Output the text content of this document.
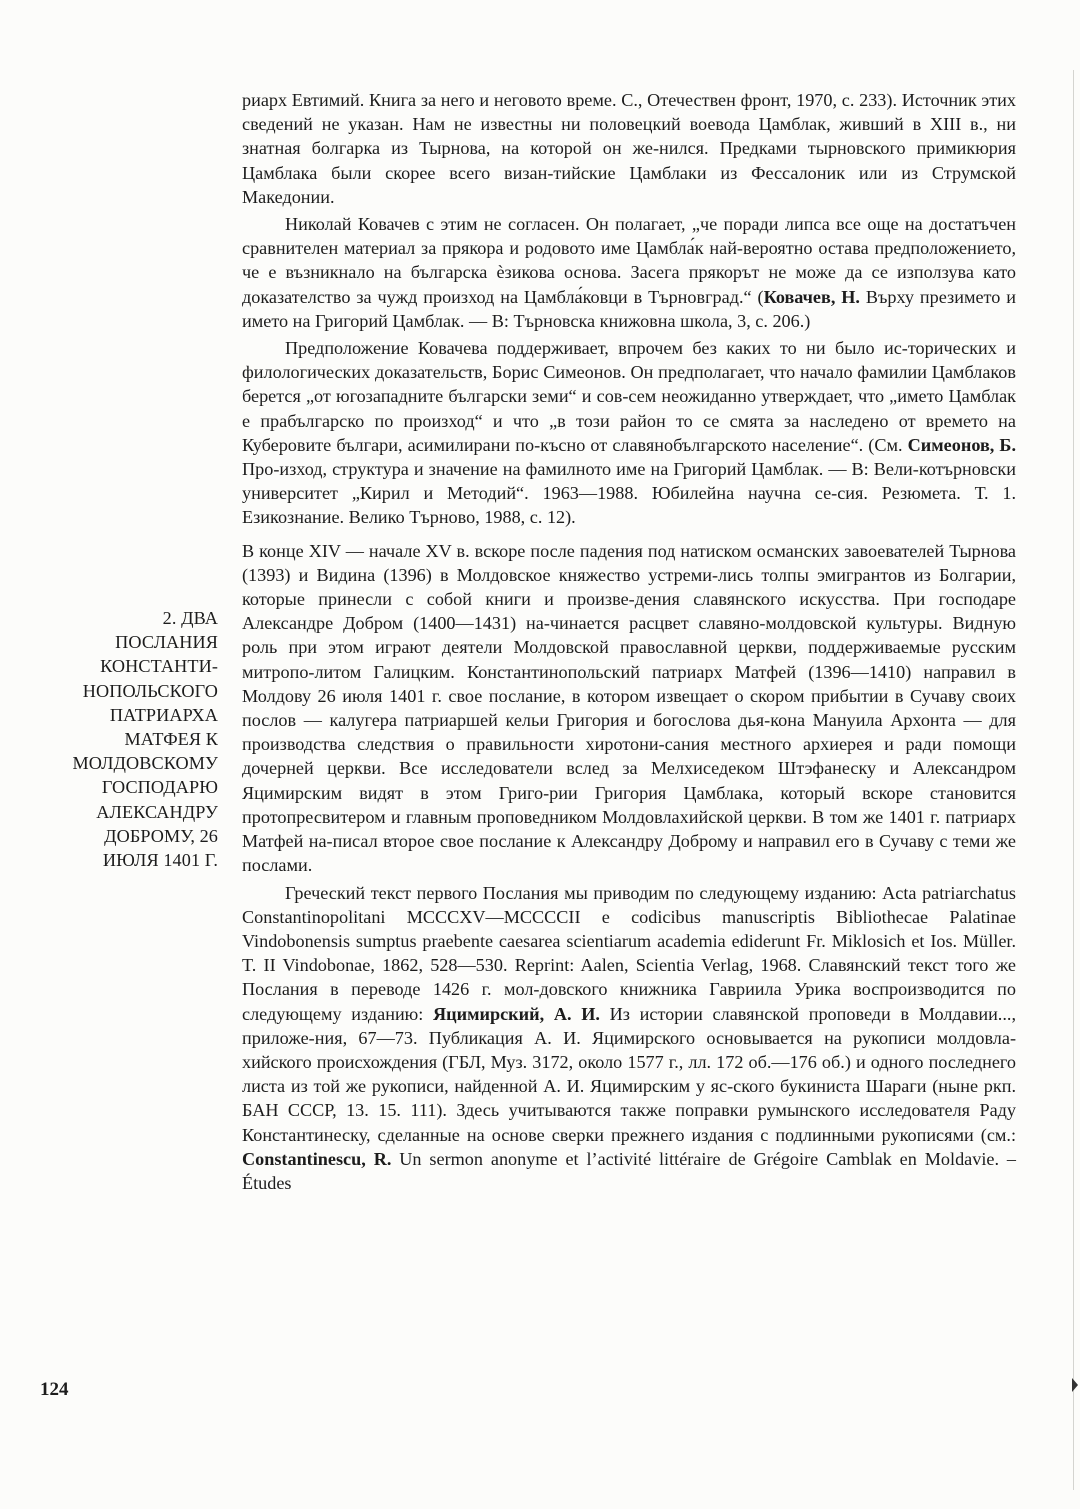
риарх Евтимий. Книга за него и неговото време. С., Отечествен фронт, 1970, с. 233). Источник этих сведений не указан. Нам не известны ни половецкий воевода Цамблак, живший в XIII в., ни знатная болгарка из Тырнова, на которой он же-нился. Предками тырновского примикюрия Цамблака были скорее всего визан-тийские Цамблаки из Фессалоник или из Струмской Македонии.

Николай Ковачев с этим не согласен. Он полагает, „че поради липса все още на достатъчен сравнителен материал за прякора и родовото име Цамбла́к най-вероятно остава предположението, че е възникнало на българска ѐзикова основа. Засега прякорът не може да се използува като доказателство за чужд произход на Цамбла́ковци в Търновград.“ (Ковачев, Н. Върху презимето и името на Григорий Цамблак. — В: Търновска книжовна школа, 3, с. 206.)

Предположение Ковачева поддерживает, впрочем без каких то ни было ис-торических и филологических доказательств, Борис Симеонов. Он предполагает, что начало фамилии Цамблаков берется „от югозападните български земи“ и сов-сем неожиданно утверждает, что „името Цамблак е прабългарско по произход“ и что „в този район то се смята за наследено от времето на Куберовите българи, асимилирани по-късно от славянобългарското население“. (См. Симеонов, Б. Про-изход, структура и значение на фамилното име на Григорий Цамблак. — В: Вели-котърновски университет „Кирил и Методий“. 1963—1988. Юбилейна научна се-сия. Резюмета. Т. 1. Езикознание. Велико Търново, 1988, с. 12).

В конце XIV — начале XV в. вскоре после падения под натиском османских завоевателей Тырнова (1393) и Видина (1396) в Молдовское княжество устреми-лись толпы эмигрантов из Болгарии, которые принесли с собой книги и произве-дения славянского искусства. При господаре Александре Добром (1400—1431) на-чинается расцвет славяно-молдовской культуры. Видную роль при этом играют деятели Молдовской православной церкви, поддерживаемые русским митропо-литом Галицким. Константинопольский патриарх Матфей (1396—1410) направил в Молдову 26 июля 1401 г. свое послание, в котором извещает о скором прибытии в Сучаву своих послов — калугера патриаршей кельи Григория и богослова дья-кона Мануила Архонта — для производства следствия о правильности хиротони-сания местного архиерея и ради помощи дочерней церкви. Все исследователи вслед за Мелхиседеком Штэфанеску и Александром Яцимирским видят в этом Григо-рии Григория Цамблака, который вскоре становится протопресвитером и главным проповедником Молдовлахийской церкви. В том же 1401 г. патриарх Матфей на-писал второе свое послание к Александру Доброму и направил его в Сучаву с теми же послами.

Греческий текст первого Послания мы приводим по следующему изданию: Acta patriarchatus Constantinopolitani MCCCXV—MCCCCII e codicibus manuscriptis Bibliothecae Palatinae Vindobonensis sumptus praebente caesarea scientiarum academia ediderunt Fr. Miklosich et Ios. Müller. T. II Vindobonae, 1862, 528—530. Reprint: Aalen, Scientia Verlag, 1968. Славянский текст того же Послания в переводе 1426 г. мол-довского книжника Гавриила Урика воспроизводится по следующему изданию: Яцимирский, А. И. Из истории славянской проповеди в Молдавии..., приложе-ния, 67—73. Публикация А. И. Яцимирского основывается на рукописи молдовла-хийского происхождения (ГБЛ, Муз. 3172, около 1577 г., лл. 172 об.—176 об.) и одного последнего листа из той же рукописи, найденной А. И. Яцимирским у яс-ского букиниста Шараги (ныне ркп. БАН СССР, 13. 15. 111). Здесь учитываются также поправки румынского исследователя Раду Константинеску, сделанные на основе сверки прежнего издания с подлинными рукописями (см.: Constantinescu, R. Un sermon anonyme et l’activité littéraire de Grégoire Camblak en Moldavie. – Études

2. ДВА
ПОСЛАНИЯ
КОНСТАНТИ-
НОПОЛЬСКОГО
ПАТРИАРХА
МАТФЕЯ К
МОЛДОВСКОМУ
ГОСПОДАРЮ
АЛЕКСАНДРУ
ДОБРОМУ, 26
ИЮЛЯ 1401 Г.
124
